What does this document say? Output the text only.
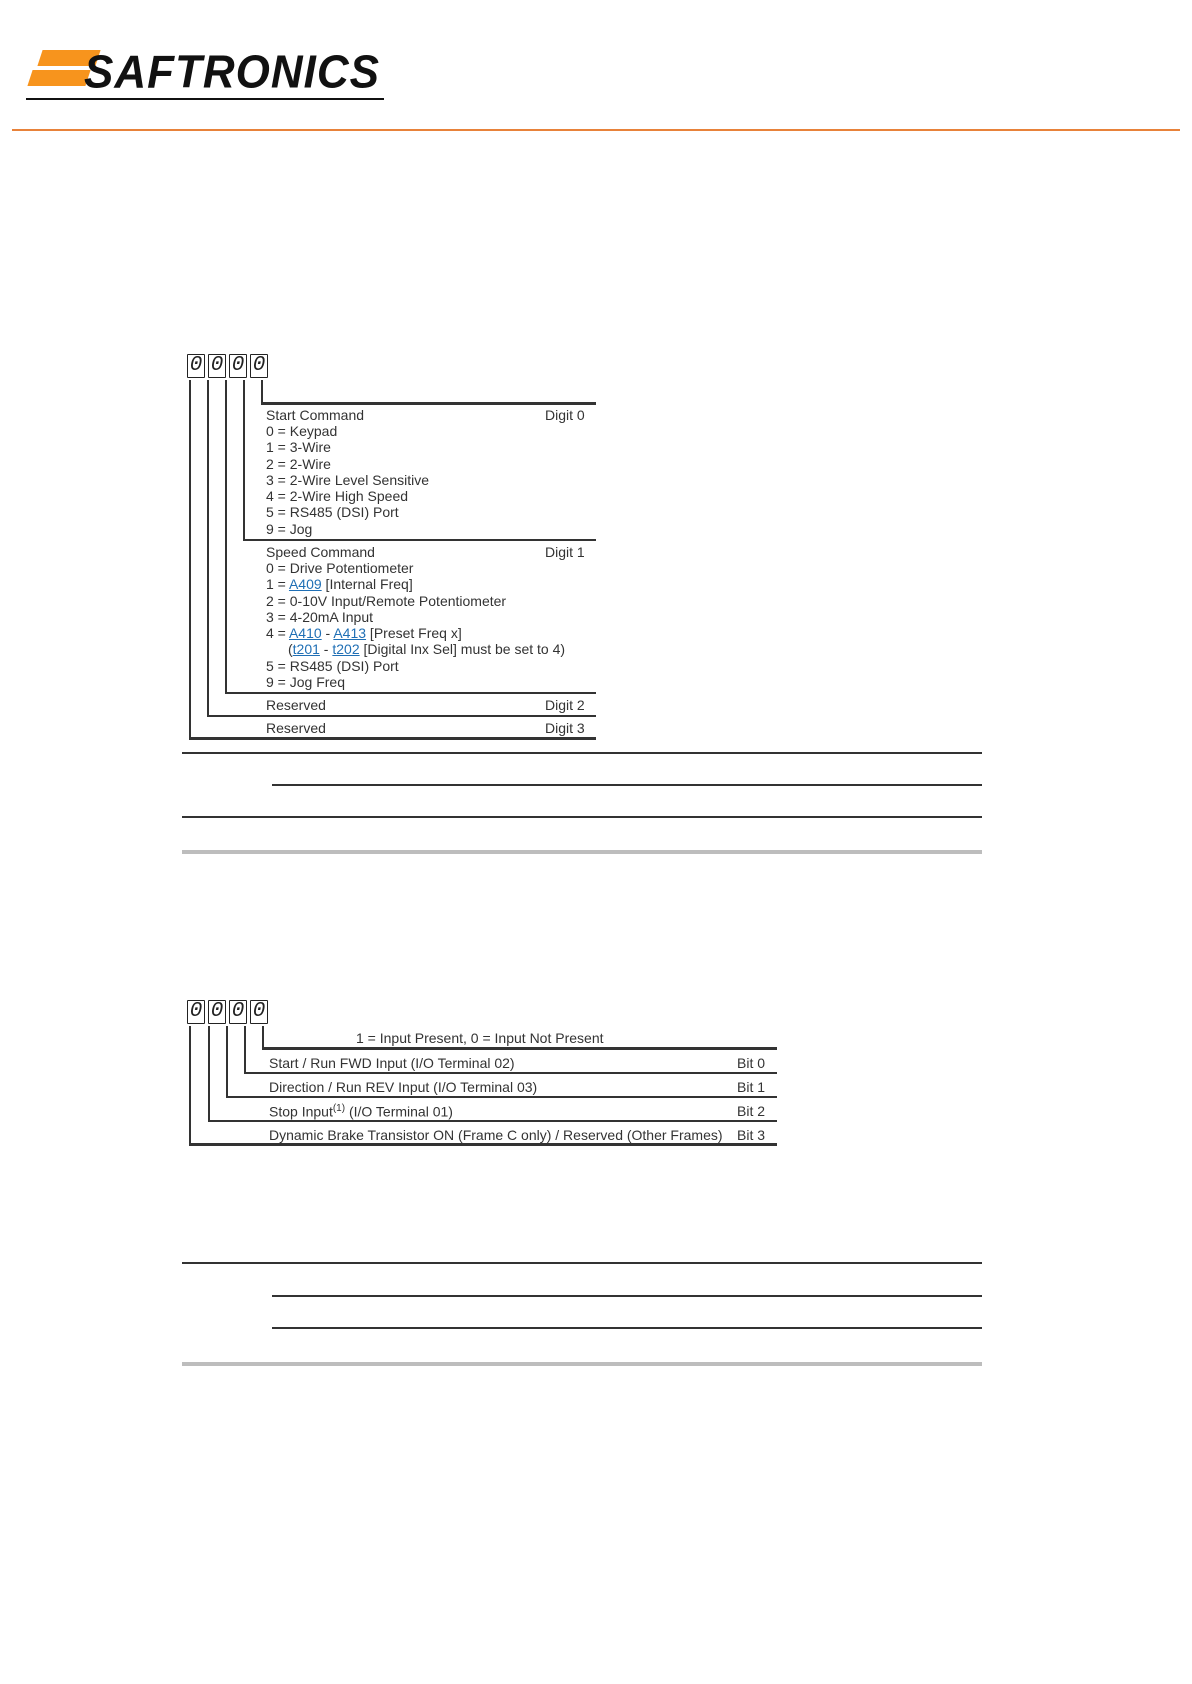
SAFTRONICS
0 0 0 0
Start Command	Digit 0
0 = Keypad
1 = 3-Wire
2 = 2-Wire
3 = 2-Wire Level Sensitive
4 = 2-Wire High Speed
5 = RS485 (DSI) Port
9 = Jog
Speed Command	Digit 1
0 = Drive Potentiometer
1 = A409 [Internal Freq]
2 = 0-10V Input/Remote Potentiometer
3 = 4-20mA Input
4 = A410 - A413 [Preset Freq x]
(t201 - t202 [Digital Inx Sel] must be set to 4)
5 = RS485 (DSI) Port
9 = Jog Freq
Reserved	Digit 2
Reserved	Digit 3
0 0 0 0
1 = Input Present, 0 = Input Not Present
Start / Run FWD Input (I/O Terminal 02)	Bit 0
Direction / Run REV Input (I/O Terminal 03)	Bit 1
Stop Input$^{(1)}$ (I/O Terminal 01)	Bit 2
Dynamic Brake Transistor ON (Frame C only) / Reserved (Other Frames) Bit 3
